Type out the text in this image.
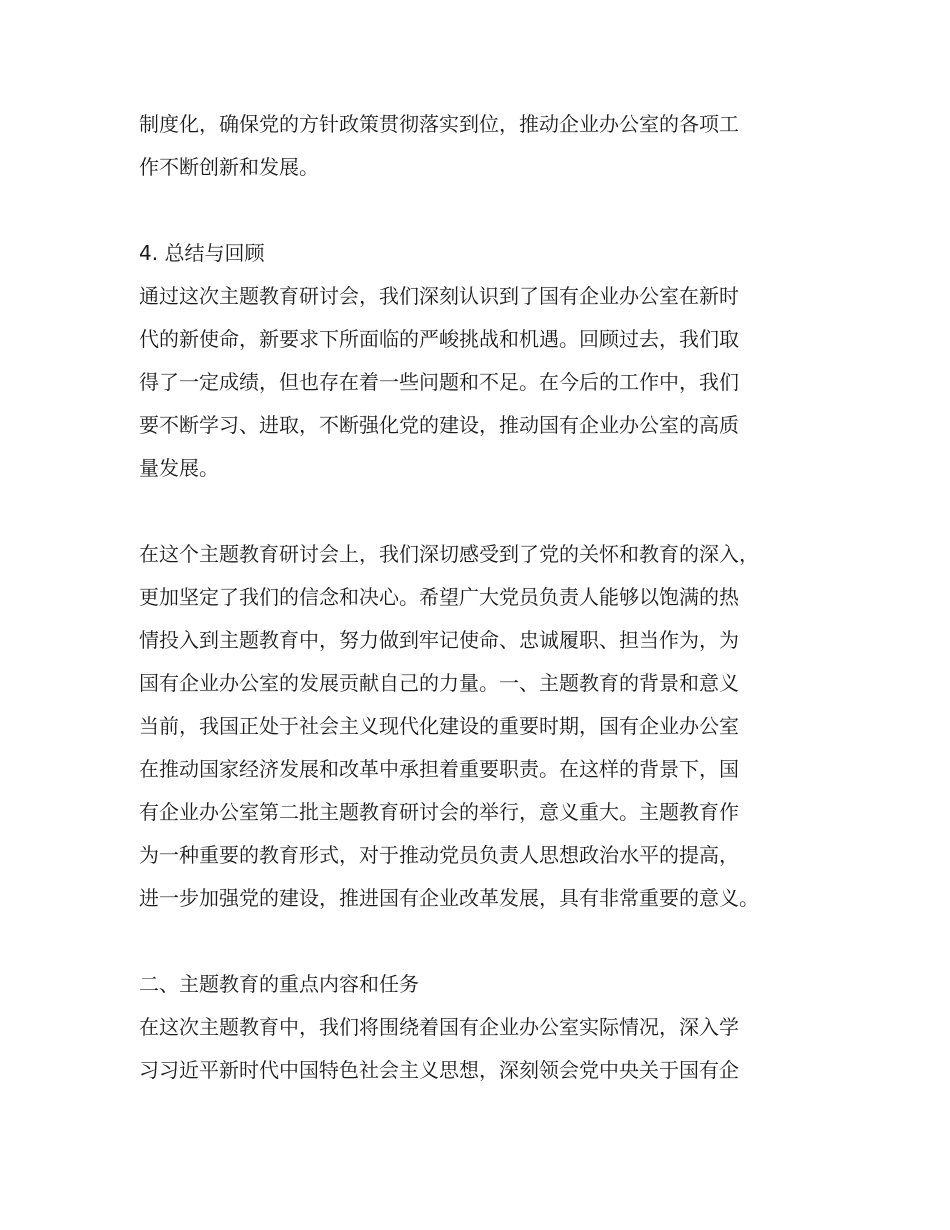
制度化，确保党的方针政策贯彻落实到位，推动企业办公室的各项工
作不断创新和发展。
4. 总结与回顾
通过这次主题教育研讨会，我们深刻认识到了国有企业办公室在新时
代的新使命，新要求下所面临的严峻挑战和机遇。回顾过去，我们取
得了一定成绩，但也存在着一些问题和不足。在今后的工作中，我们
要不断学习、进取，不断强化党的建设，推动国有企业办公室的高质
量发展。
在这个主题教育研讨会上，我们深切感受到了党的关怀和教育的深入，
更加坚定了我们的信念和决心。希望广大党员负责人能够以饱满的热
情投入到主题教育中，努力做到牢记使命、忠诚履职、担当作为，为
国有企业办公室的发展贡献自己的力量。一、主题教育的背景和意义
当前，我国正处于社会主义现代化建设的重要时期，国有企业办公室
在推动国家经济发展和改革中承担着重要职责。在这样的背景下，国
有企业办公室第二批主题教育研讨会的举行，意义重大。主题教育作
为一种重要的教育形式，对于推动党员负责人思想政治水平的提高，
进一步加强党的建设，推进国有企业改革发展，具有非常重要的意义。
二、主题教育的重点内容和任务
在这次主题教育中，我们将围绕着国有企业办公室实际情况，深入学
习习近平新时代中国特色社会主义思想，深刻领会党中央关于国有企
